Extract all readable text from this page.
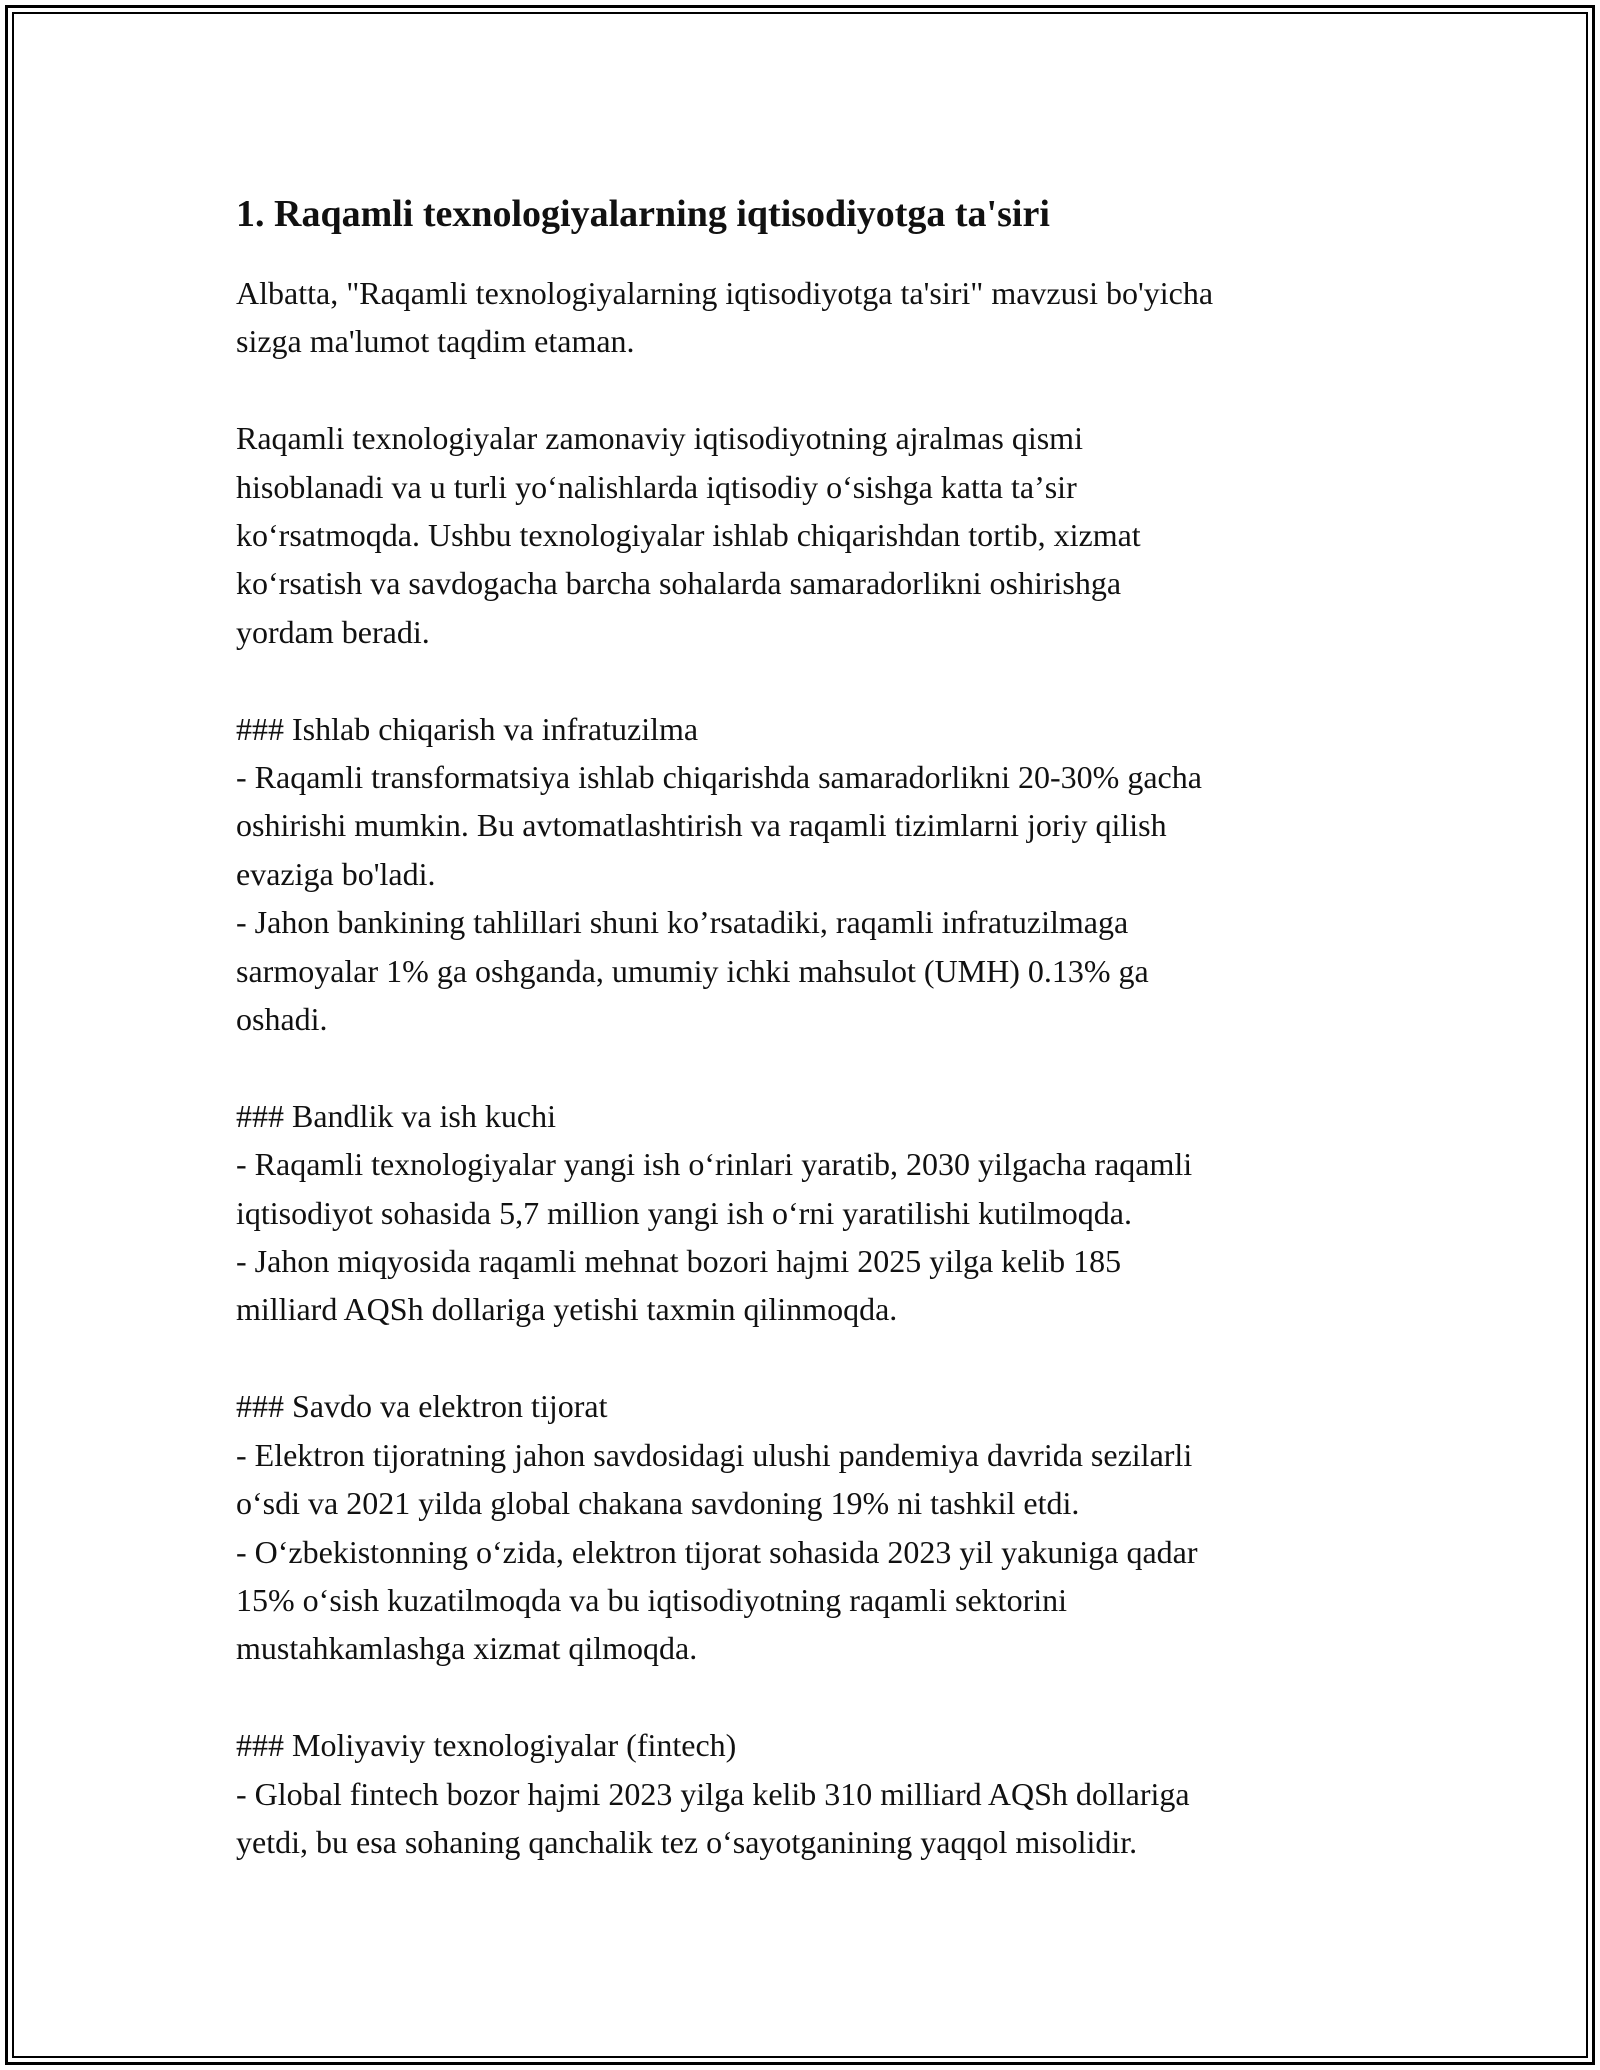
1. Raqamli texnologiyalarning iqtisodiyotga ta'siri
Albatta, "Raqamli texnologiyalarning iqtisodiyotga ta'siri" mavzusi bo'yicha
sizga ma'lumot taqdim etaman.
Raqamli texnologiyalar zamonaviy iqtisodiyotning ajralmas qismi
hisoblanadi va u turli yoʻnalishlarda iqtisodiy oʻsishga katta taʼsir
koʻrsatmoqda. Ushbu texnologiyalar ishlab chiqarishdan tortib, xizmat
koʻrsatish va savdogacha barcha sohalarda samaradorlikni oshirishga
yordam beradi.
### Ishlab chiqarish va infratuzilma
- Raqamli transformatsiya ishlab chiqarishda samaradorlikni 20-30% gacha
oshirishi mumkin. Bu avtomatlashtirish va raqamli tizimlarni joriy qilish
evaziga bo'ladi.
- Jahon bankining tahlillari shuni koʼrsatadiki, raqamli infratuzilmaga
sarmoyalar 1% ga oshganda, umumiy ichki mahsulot (UMH) 0.13% ga
oshadi.
### Bandlik va ish kuchi
- Raqamli texnologiyalar yangi ish oʻrinlari yaratib, 2030 yilgacha raqamli
iqtisodiyot sohasida 5,7 million yangi ish oʻrni yaratilishi kutilmoqda.
- Jahon miqyosida raqamli mehnat bozori hajmi 2025 yilga kelib 185
milliard AQSh dollariga yetishi taxmin qilinmoqda.
### Savdo va elektron tijorat
- Elektron tijoratning jahon savdosidagi ulushi pandemiya davrida sezilarli
oʻsdi va 2021 yilda global chakana savdoning 19% ni tashkil etdi.
- Oʻzbekistonning oʻzida, elektron tijorat sohasida 2023 yil yakuniga qadar
15% oʻsish kuzatilmoqda va bu iqtisodiyotning raqamli sektorini
mustahkamlashga xizmat qilmoqda.
### Moliyaviy texnologiyalar (fintech)
- Global fintech bozor hajmi 2023 yilga kelib 310 milliard AQSh dollariga
yetdi, bu esa sohaning qanchalik tez oʻsayotganining yaqqol misolidir.
